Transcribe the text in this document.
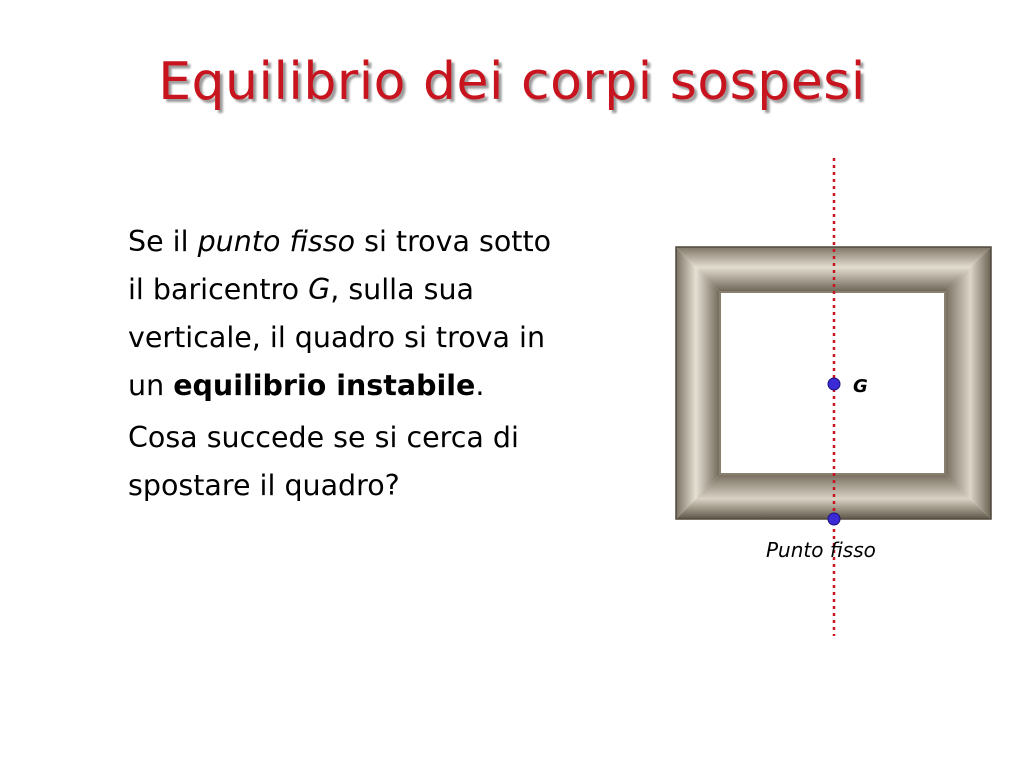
Equilibrio dei corpi sospesi

Se il punto fisso si trova sotto il baricentro G, sulla sua verticale, il quadro si trova in un equilibrio instabile.

Cosa succede se si cerca di spostare il quadro?

G
Punto fisso
